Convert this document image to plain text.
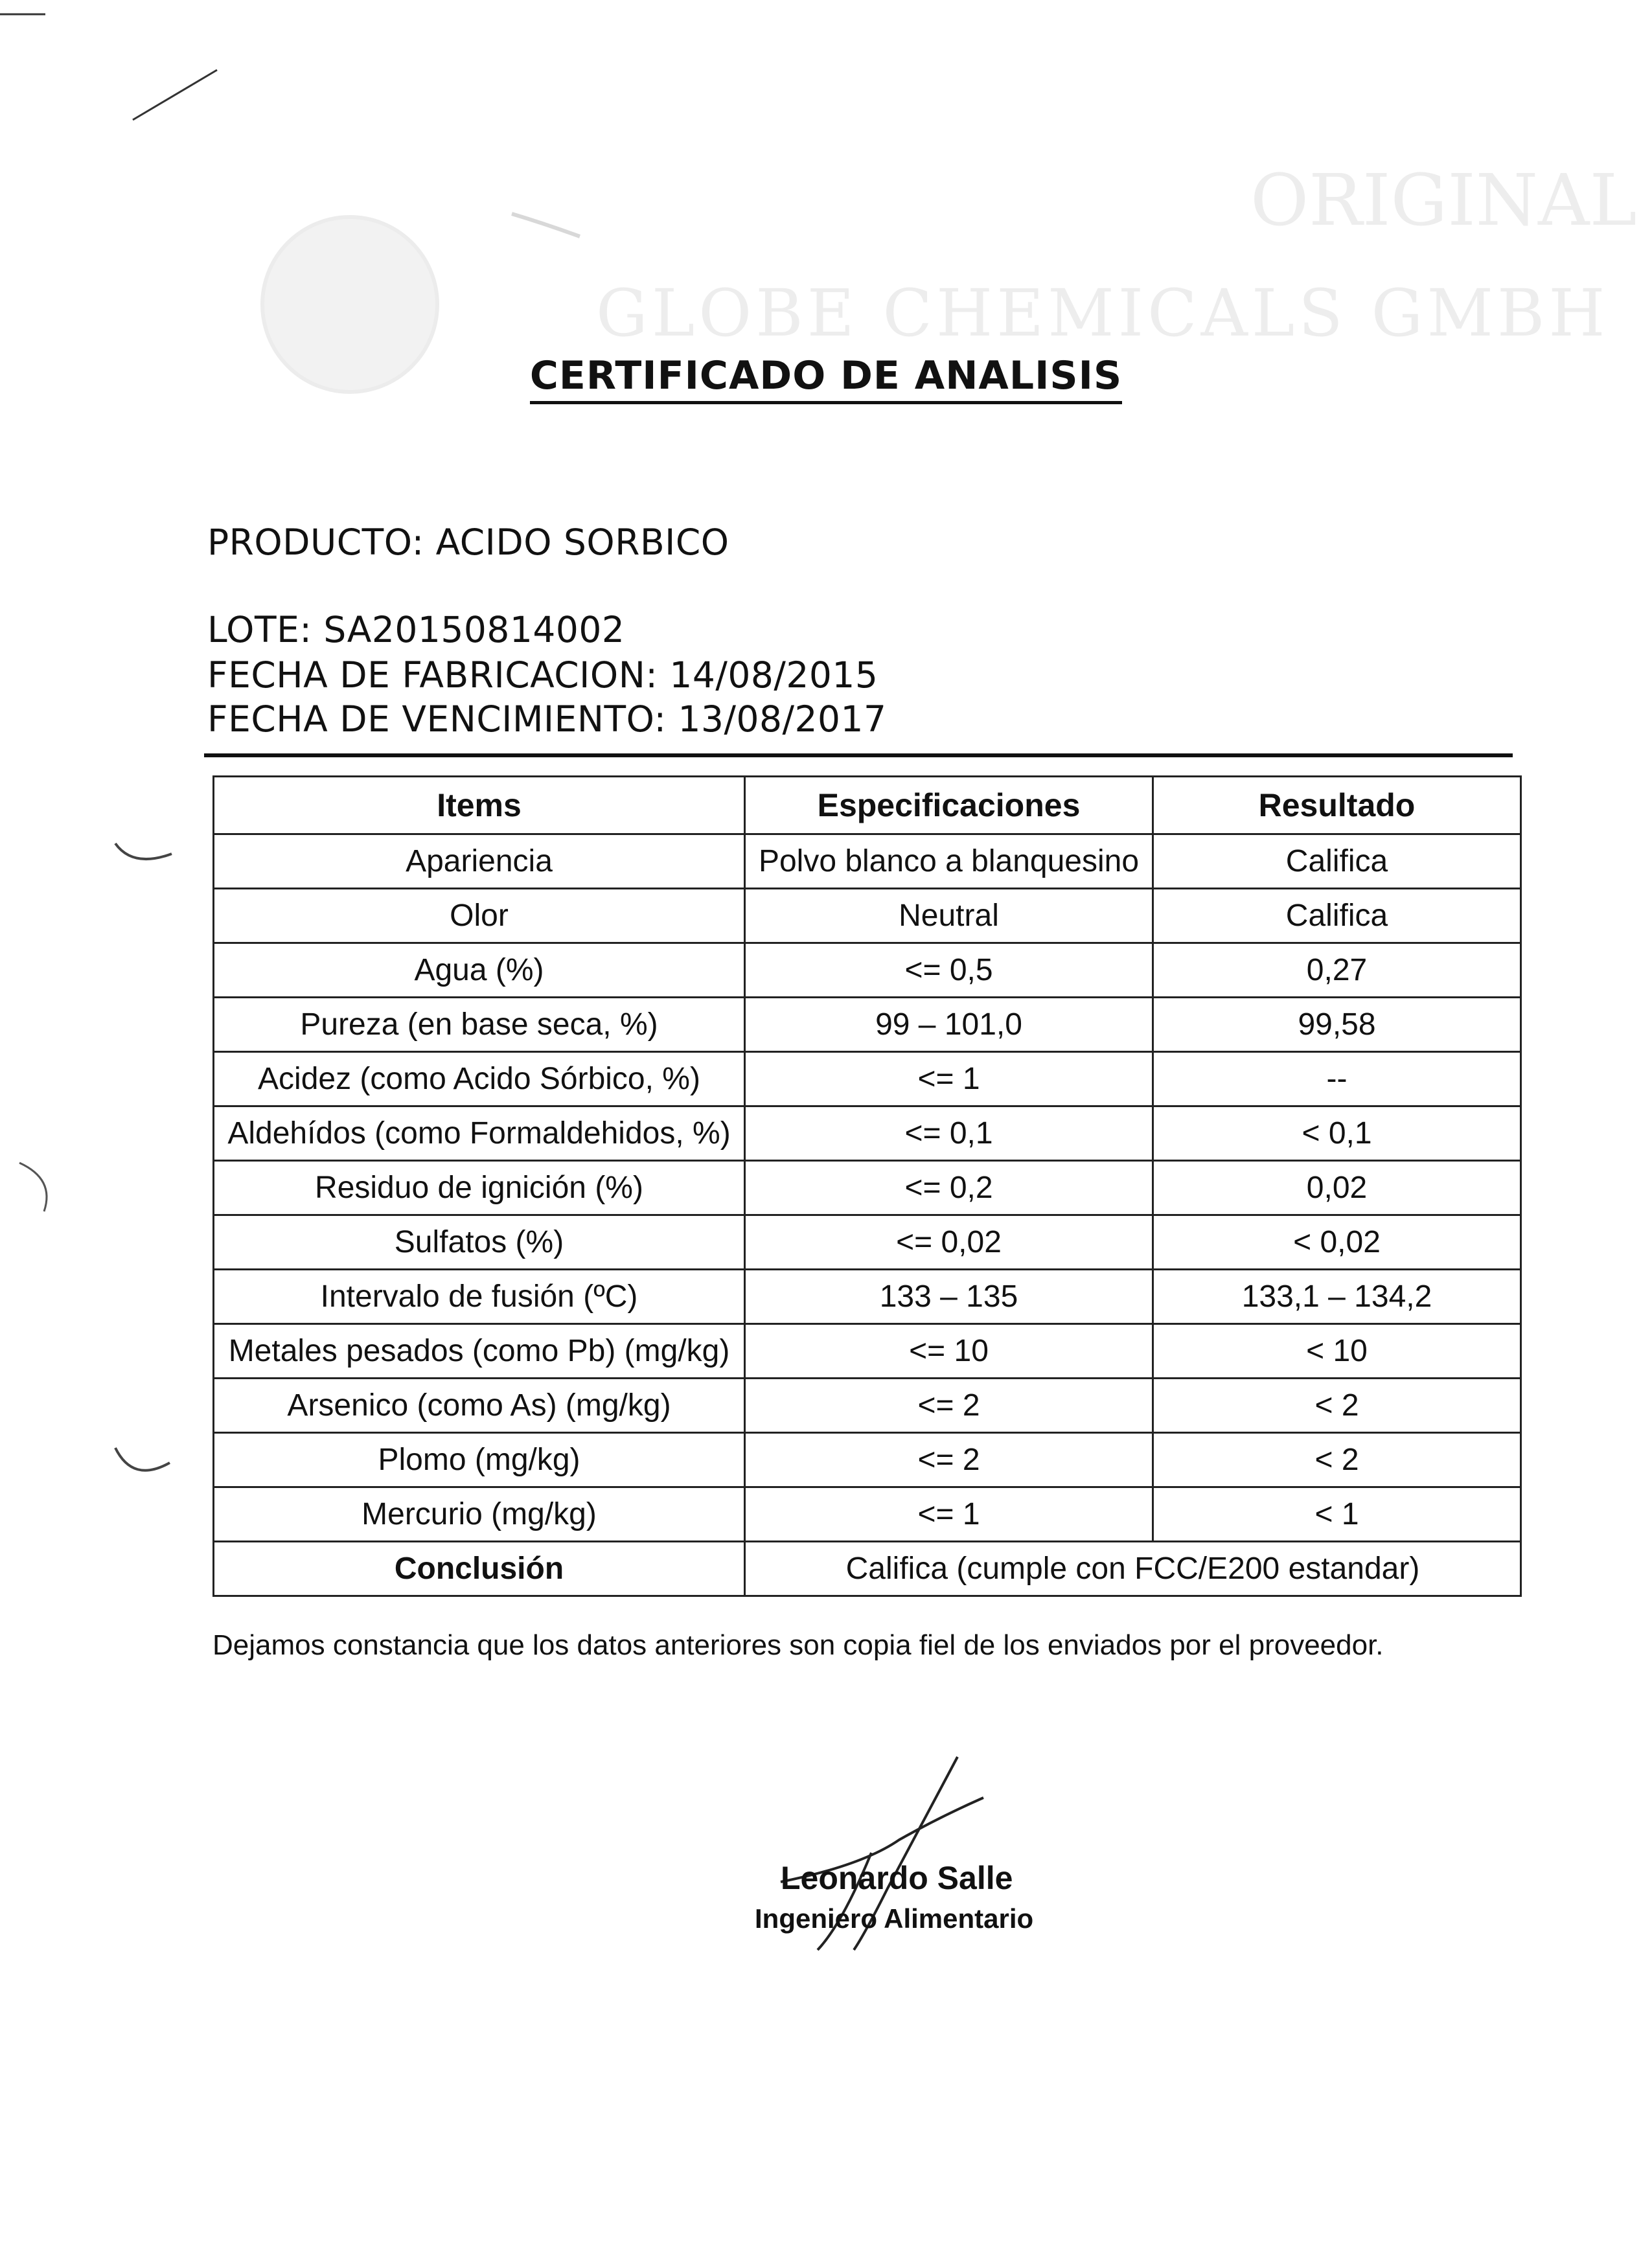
ORIGINAL
GLOBE CHEMICALS GMBH
CERTIFICADO DE ANALISIS
PRODUCTO: ACIDO SORBICO
LOTE: SA20150814002
FECHA DE FABRICACION: 14/08/2015
FECHA DE VENCIMIENTO: 13/08/2017
Items	Especificaciones	Resultado
Apariencia	Polvo blanco a blanquesino	Califica
Olor	Neutral	Califica
Agua (%)	<= 0,5	0,27
Pureza (en base seca, %)	99 – 101,0	99,58
Acidez (como Acido Sórbico, %)	<= 1	--
Aldehídos (como Formaldehidos, %)	<= 0,1	< 0,1
Residuo de ignición (%)	<= 0,2	0,02
Sulfatos (%)	<= 0,02	< 0,02
Intervalo de fusión (ºC)	133 – 135	133,1 – 134,2
Metales pesados (como Pb) (mg/kg)	<= 10	< 10
Arsenico (como As) (mg/kg)	<= 2	< 2
Plomo (mg/kg)	<= 2	< 2
Mercurio (mg/kg)	<= 1	< 1
Conclusión	Califica (cumple con FCC/E200 estandar)	
Dejamos constancia que los datos anteriores son copia fiel de los enviados por el proveedor.
Leonardo Salle
Ingeniero Alimentario
